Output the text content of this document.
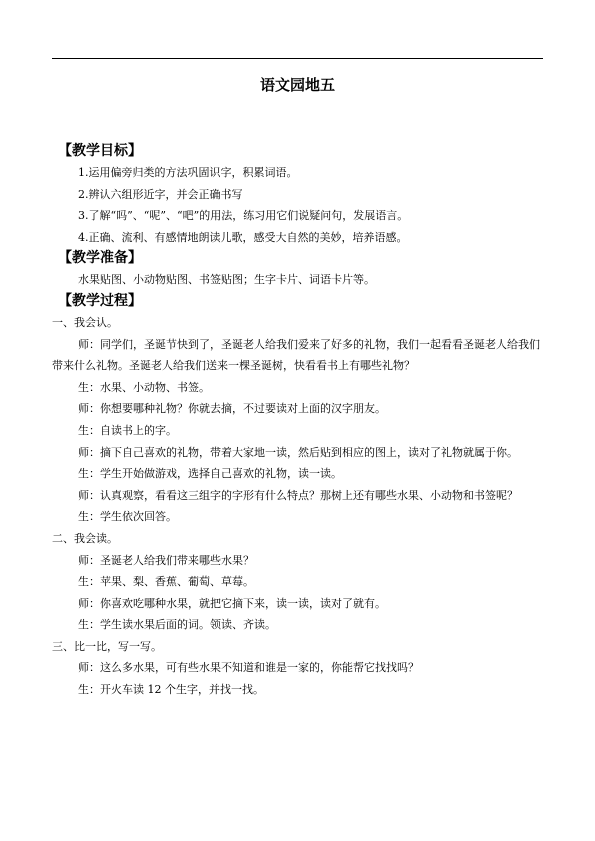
语文园地五
【教学目标】
1.运用偏旁归类的方法巩固识字，积累词语。
2.辨认六组形近字，并会正确书写
3.了解“吗”、“呢”、“吧”的用法，练习用它们说疑问句，发展语言。
4.正确、流利、有感情地朗读儿歌，感受大自然的美妙，培养语感。
【教学准备】
水果贴图、小动物贴图、书签贴图；生字卡片、词语卡片等。
【教学过程】
一、我会认。
师：同学们，圣诞节快到了，圣诞老人给我们爱来了好多的礼物，我们一起看看圣诞老人给我们带来什么礼物。圣诞老人给我们送来一棵圣诞树，快看看书上有哪些礼物？
生：水果、小动物、书签。
师：你想要哪种礼物？你就去摘，不过要读对上面的汉字朋友。
生：自读书上的字。
师：摘下自己喜欢的礼物，带着大家地一读，然后贴到相应的图上，读对了礼物就属于你。
生：学生开始做游戏，选择自己喜欢的礼物，读一读。
师：认真观察，看看这三组字的字形有什么特点？那树上还有哪些水果、小动物和书签呢？
生：学生依次回答。
二、我会读。
师：圣诞老人给我们带来哪些水果？
生：苹果、梨、香蕉、葡萄、草莓。
师：你喜欢吃哪种水果，就把它摘下来，读一读，读对了就有。
生：学生读水果后面的词。领读、齐读。
三、比一比，写一写。
师：这么多水果，可有些水果不知道和谁是一家的，你能帮它找找吗？
生：开火车读 12 个生字，并找一找。
